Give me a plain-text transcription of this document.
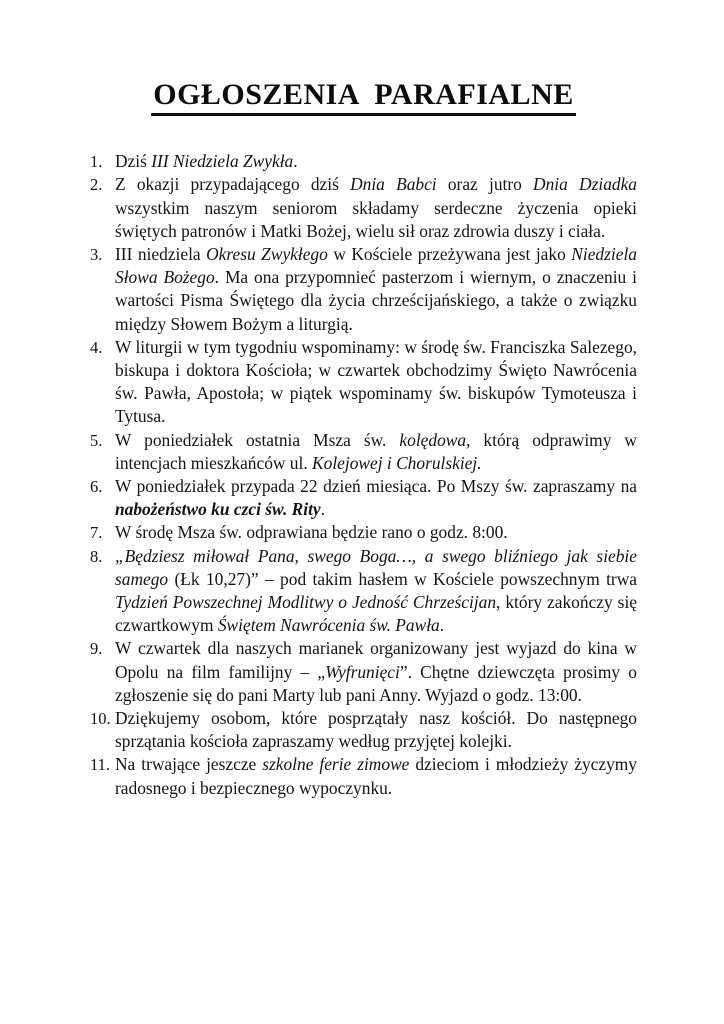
OGŁOSZENIA  PARAFIALNE
1. Dziś III Niedziela Zwykła.
2. Z okazji przypadającego dziś Dnia Babci oraz jutro Dnia Dziadka wszystkim naszym seniorom składamy serdeczne życzenia opieki świętych patronów i Matki Bożej, wielu sił oraz zdrowia duszy i ciała.
3. III niedziela Okresu Zwykłego w Kościele przeżywana jest jako Niedziela Słowa Bożego. Ma ona przypomnieć pasterzom i wiernym, o znaczeniu i wartości Pisma Świętego dla życia chrześcijańskiego, a także o związku między Słowem Bożym a liturgią.
4. W liturgii w tym tygodniu wspominamy: w środę św. Franciszka Salezego, biskupa i doktora Kościoła; w czwartek obchodzimy Święto Nawrócenia św. Pawła, Apostoła; w piątek wspominamy św. biskupów Tymoteusza i Tytusa.
5. W poniedziałek ostatnia Msza św. kolędowa, którą odprawimy w intencjach mieszkańców ul. Kolejowej i Chorulskiej.
6. W poniedziałek przypada 22 dzień miesiąca. Po Mszy św. zapraszamy na nabożeństwo ku czci św. Rity.
7. W środę Msza św. odprawiana będzie rano o godz. 8:00.
8. „Będziesz miłował Pana, swego Boga…, a swego bliźniego jak siebie samego (Łk 10,27)” – pod takim hasłem w Kościele powszechnym trwa Tydzień Powszechnej Modlitwy o Jedność Chrześcijan, który zakończy się czwartkowym Świętem Nawrócenia św. Pawła.
9. W czwartek dla naszych marianek organizowany jest wyjazd do kina w Opolu na film familijny – „Wyfrunięci”. Chętne dziewczęta prosimy o zgłoszenie się do pani Marty lub pani Anny. Wyjazd o godz. 13:00.
10. Dziękujemy osobom, które posprzątały nasz kościół. Do następnego sprzątania kościoła zapraszamy według przyjętej kolejki.
11. Na trwające jeszcze szkolne ferie zimowe dzieciom i młodzieży życzymy radosnego i bezpiecznego wypoczynku.
